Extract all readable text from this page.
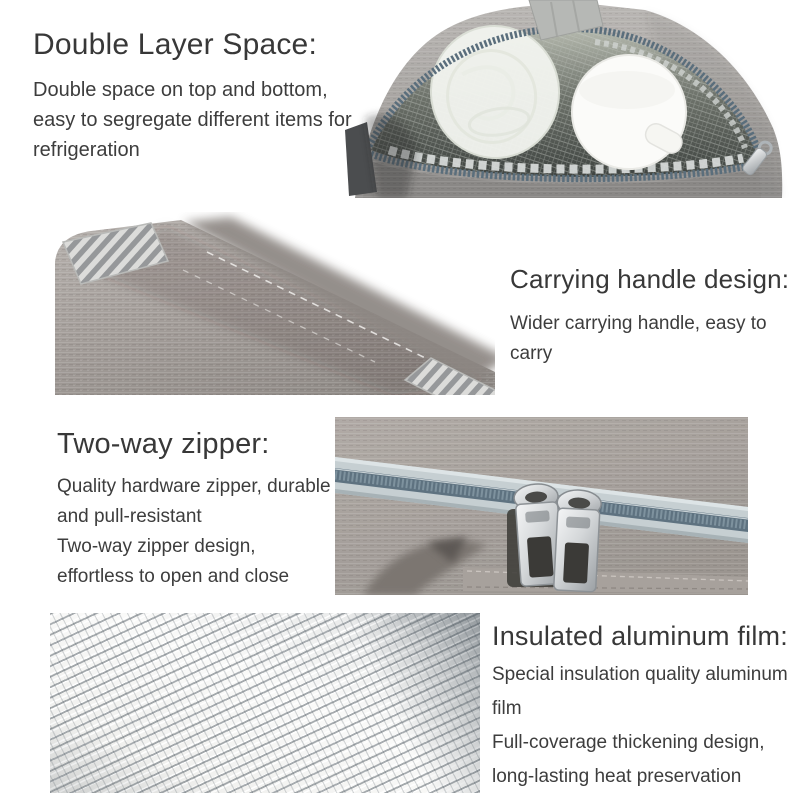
Double Layer Space:
Double space on top and bottom,
easy to segregate different items for
refrigeration
Carrying handle design:
Wider carrying handle, easy to
carry
Two-way zipper:
Quality hardware zipper, durable
and pull-resistant
Two-way zipper design,
effortless to open and close
Insulated aluminum film:
Special insulation quality aluminum
film
Full-coverage thickening design,
long-lasting heat preservation
